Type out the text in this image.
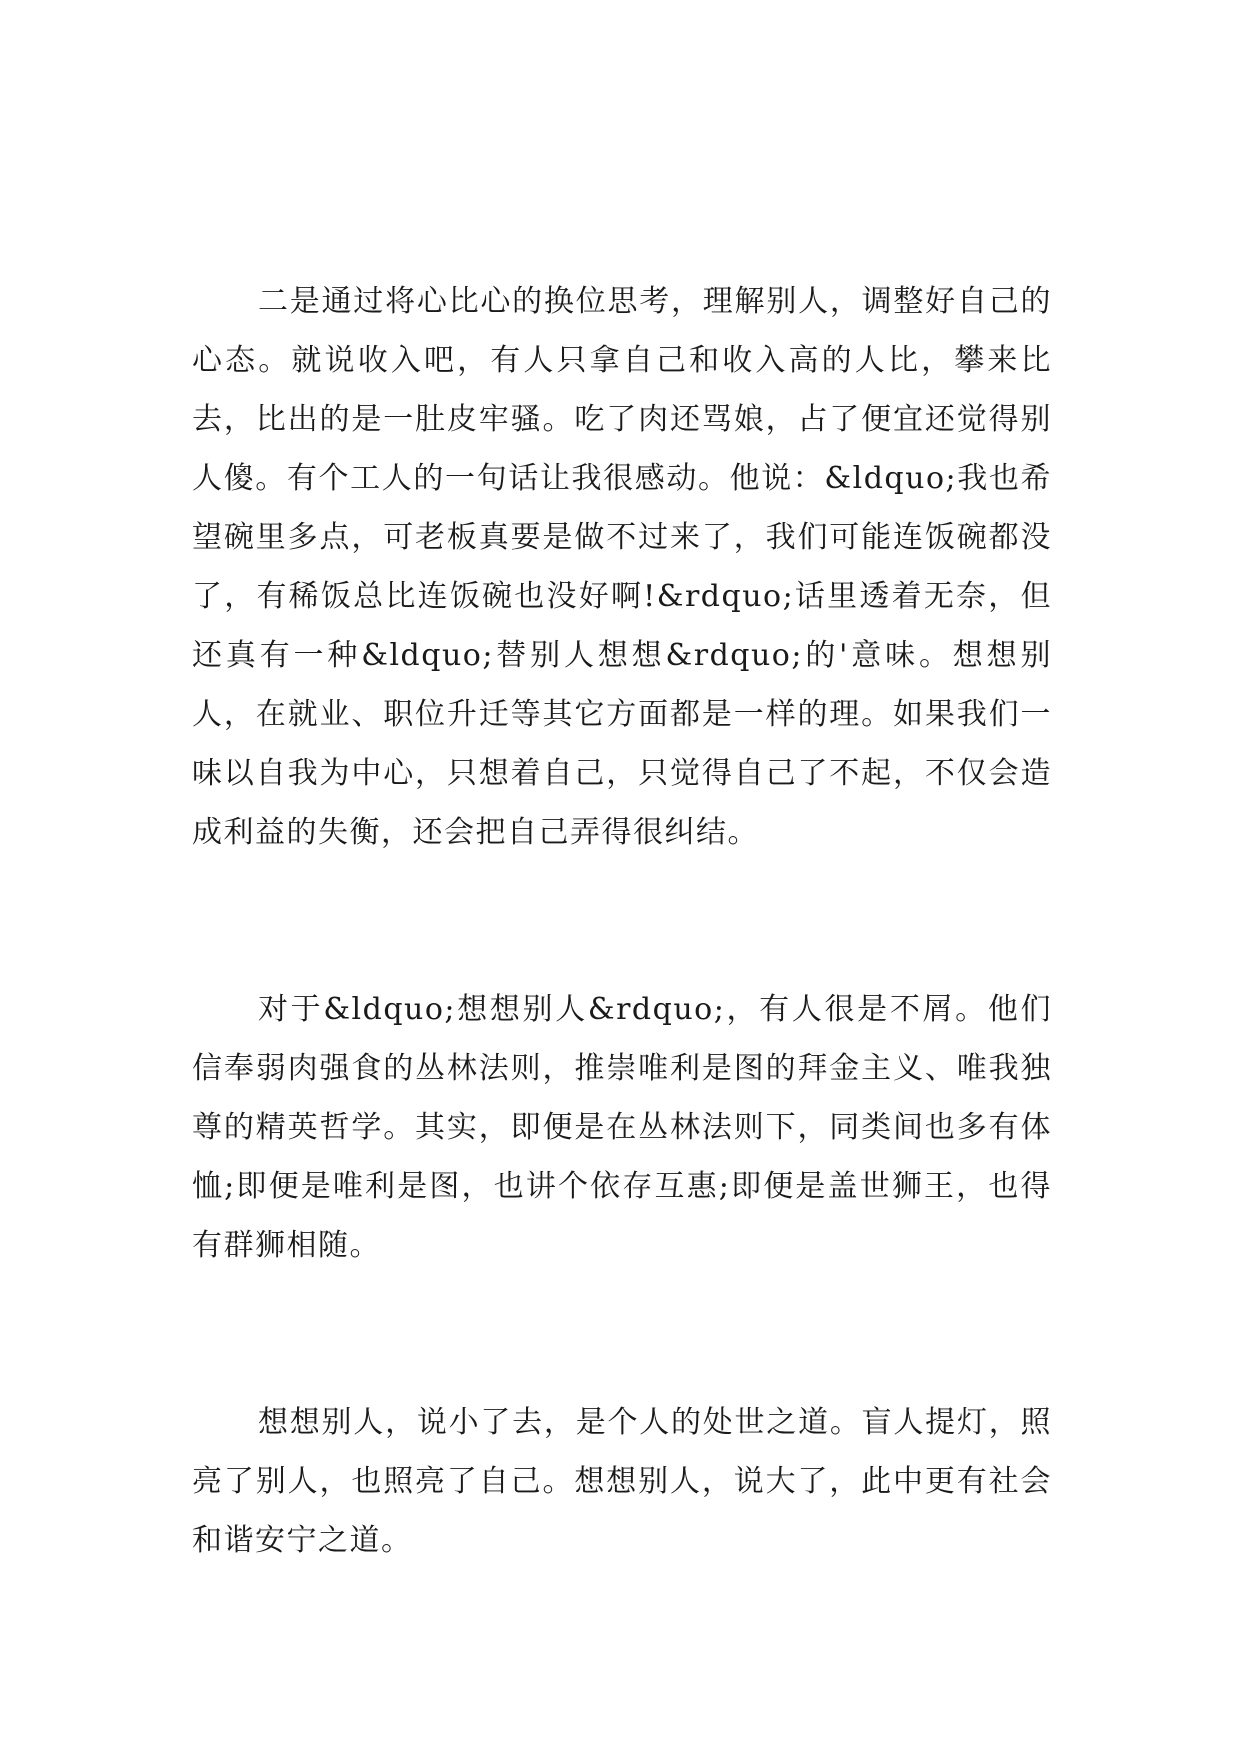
二是通过将心比心的换位思考，理解别人，调整好自己的心态。就说收入吧，有人只拿自己和收入高的人比，攀来比去，比出的是一肚皮牢骚。吃了肉还骂娘，占了便宜还觉得别人傻。有个工人的一句话让我很感动。他说：&ldquo;我也希望碗里多点，可老板真要是做不过来了，我们可能连饭碗都没了，有稀饭总比连饭碗也没好啊!&rdquo;话里透着无奈，但还真有一种&ldquo;替别人想想&rdquo;的'意味。想想别人，在就业、职位升迁等其它方面都是一样的理。如果我们一味以自我为中心，只想着自己，只觉得自己了不起，不仅会造成利益的失衡，还会把自己弄得很纠结。

对于&ldquo;想想别人&rdquo;，有人很是不屑。他们信奉弱肉强食的丛林法则，推崇唯利是图的拜金主义、唯我独尊的精英哲学。其实，即便是在丛林法则下，同类间也多有体恤;即便是唯利是图，也讲个依存互惠;即便是盖世狮王，也得有群狮相随。

想想别人，说小了去，是个人的处世之道。盲人提灯，照亮了别人，也照亮了自己。想想别人，说大了，此中更有社会和谐安宁之道。
